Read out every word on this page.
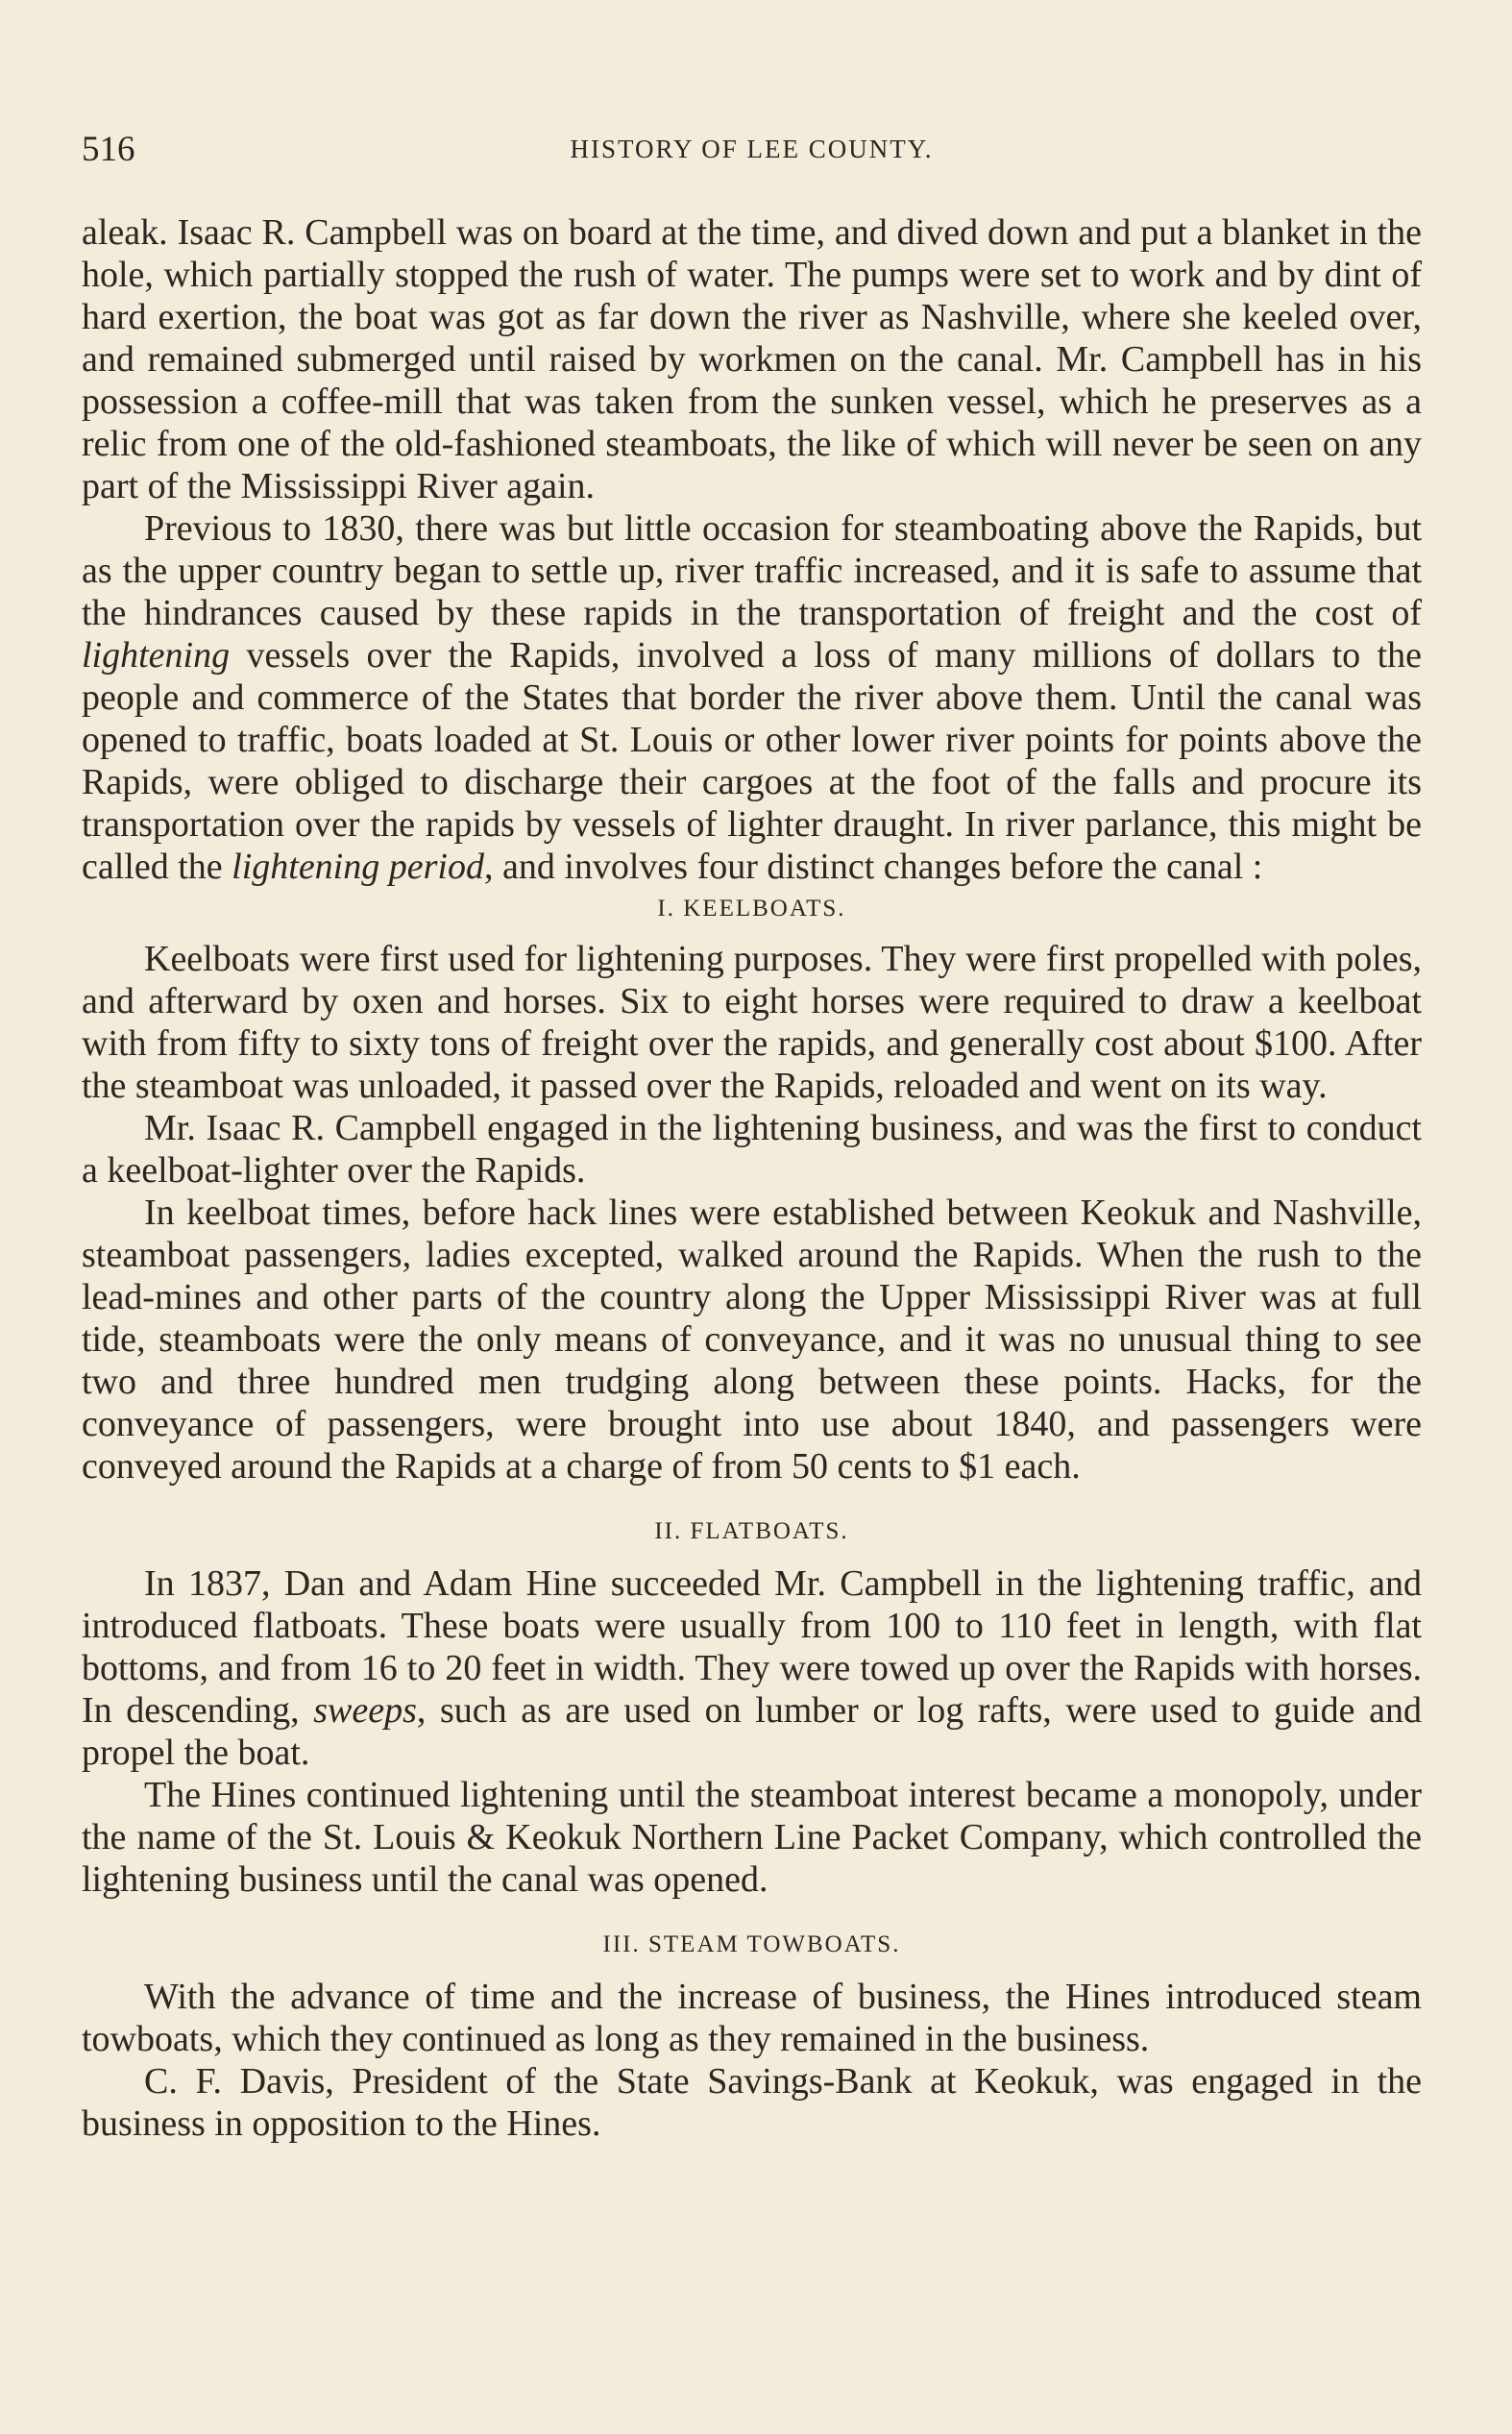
516	HISTORY OF LEE COUNTY.

aleak. Isaac R. Campbell was on board at the time, and dived down and put a blanket in the hole, which partially stopped the rush of water. The pumps were set to work and by dint of hard exertion, the boat was got as far down the river as Nashville, where she keeled over, and remained submerged until raised by workmen on the canal. Mr. Campbell has in his possession a coffee-mill that was taken from the sunken vessel, which he preserves as a relic from one of the old-fashioned steamboats, the like of which will never be seen on any part of the Mississippi River again.

Previous to 1830, there was but little occasion for steamboating above the Rapids, but as the upper country began to settle up, river traffic increased, and it is safe to assume that the hindrances caused by these rapids in the transportation of freight and the cost of lightening vessels over the Rapids, involved a loss of many millions of dollars to the people and commerce of the States that border the river above them. Until the canal was opened to traffic, boats loaded at St. Louis or other lower river points for points above the Rapids, were obliged to discharge their cargoes at the foot of the falls and procure its transportation over the rapids by vessels of lighter draught. In river parlance, this might be called the lightening period, and involves four distinct changes before the canal :

I. KEELBOATS.

Keelboats were first used for lightening purposes. They were first propelled with poles, and afterward by oxen and horses. Six to eight horses were required to draw a keelboat with from fifty to sixty tons of freight over the rapids, and generally cost about $100. After the steamboat was unloaded, it passed over the Rapids, reloaded and went on its way.

Mr. Isaac R. Campbell engaged in the lightening business, and was the first to conduct a keelboat-lighter over the Rapids.

In keelboat times, before hack lines were established between Keokuk and Nashville, steamboat passengers, ladies excepted, walked around the Rapids. When the rush to the lead-mines and other parts of the country along the Upper Mississippi River was at full tide, steamboats were the only means of conveyance, and it was no unusual thing to see two and three hundred men trudging along between these points. Hacks, for the conveyance of passengers, were brought into use about 1840, and passengers were conveyed around the Rapids at a charge of from 50 cents to $1 each.

II. FLATBOATS.

In 1837, Dan and Adam Hine succeeded Mr. Campbell in the lightening traffic, and introduced flatboats. These boats were usually from 100 to 110 feet in length, with flat bottoms, and from 16 to 20 feet in width. They were towed up over the Rapids with horses. In descending, sweeps, such as are used on lumber or log rafts, were used to guide and propel the boat.

The Hines continued lightening until the steamboat interest became a monopoly, under the name of the St. Louis & Keokuk Northern Line Packet Company, which controlled the lightening business until the canal was opened.

III. STEAM TOWBOATS.

With the advance of time and the increase of business, the Hines introduced steam towboats, which they continued as long as they remained in the business.

C. F. Davis, President of the State Savings-Bank at Keokuk, was engaged in the business in opposition to the Hines.
